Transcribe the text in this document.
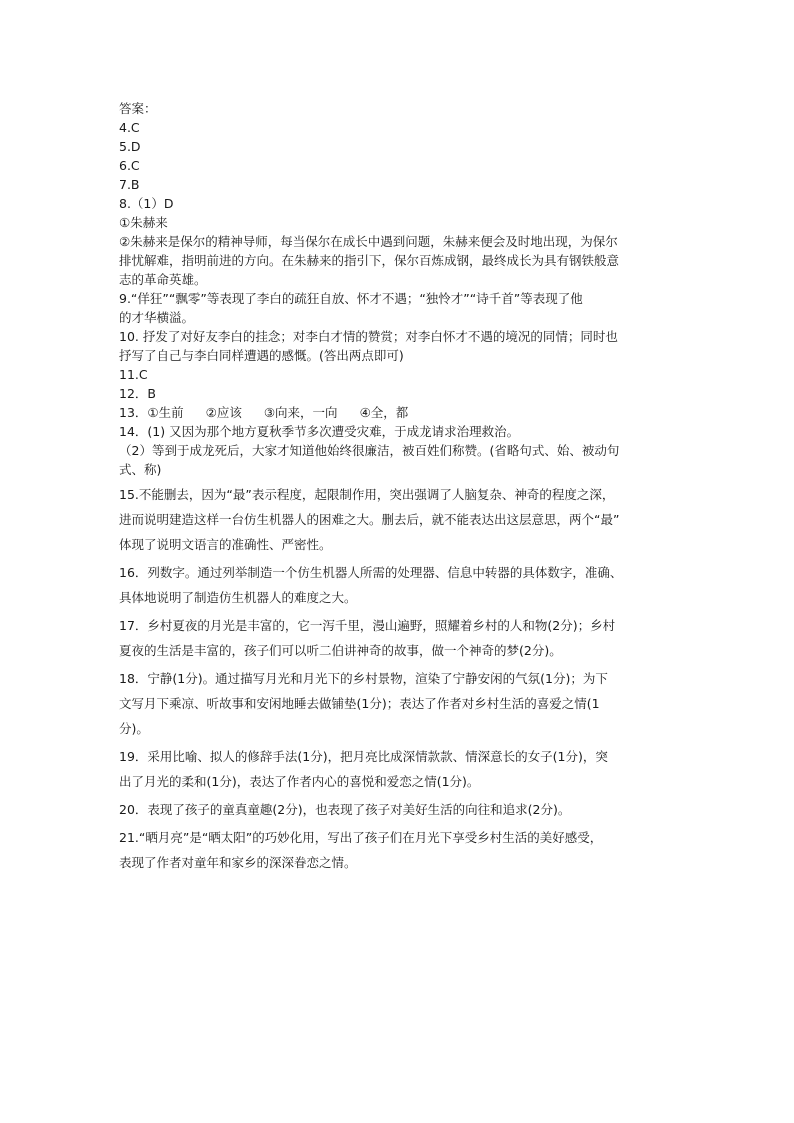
答案：

4.C

5.D

6.C

7.B

8.（1）D

①朱赫来

②朱赫来是保尔的精神导师，每当保尔在成长中遇到问题，朱赫来便会及时地出现，为保尔

排忧解难，指明前进的方向。在朱赫来的指引下，保尔百炼成钢，最终成长为具有钢铁般意

志的革命英雄。

9.“佯狂”“飘零”等表现了李白的疏狂自放、怀才不遇；“独怜才”“诗千首”等表现了他

的才华横溢。

10. 抒发了对好友李白的挂念；对李白才情的赞赏；对李白怀才不遇的境况的同情；同时也

抒写了自己与李白同样遭遇的感慨。(答出两点即可)

11.C

12．B

13．①生前 ②应该 ③向来，一向 ④全，都

14．(1) 又因为那个地方夏秋季节多次遭受灾难，于成龙请求治理救治。

（2）等到于成龙死后，大家才知道他始终很廉洁，被百姓们称赞。(省略句式、始、被动句

式、称)

15.不能删去，因为“最”表示程度，起限制作用，突出强调了人脑复杂、神奇的程度之深，

进而说明建造这样一台仿生机器人的困难之大。删去后，就不能表达出这层意思，两个“最”

体现了说明文语言的准确性、严密性。

16．列数字。通过列举制造一个仿生机器人所需的处理器、信息中转器的具体数字，准确、

具体地说明了制造仿生机器人的难度之大。

17．乡村夏夜的月光是丰富的，它一泻千里，漫山遍野，照耀着乡村的人和物(2分)；乡村

夏夜的生活是丰富的，孩子们可以听二伯讲神奇的故事，做一个神奇的梦(2分)。

18．宁静(1分)。通过描写月光和月光下的乡村景物，渲染了宁静安闲的气氛(1分)；为下

文写月下乘凉、听故事和安闲地睡去做铺垫(1分)；表达了作者对乡村生活的喜爱之情(1

分)。

19．采用比喻、拟人的修辞手法(1分)，把月亮比成深情款款、情深意长的女子(1分)，突

出了月光的柔和(1分)，表达了作者内心的喜悦和爱恋之情(1分)。

20．表现了孩子的童真童趣(2分)，也表现了孩子对美好生活的向往和追求(2分)。

21.“晒月亮”是“晒太阳”的巧妙化用，写出了孩子们在月光下享受乡村生活的美好感受，

表现了作者对童年和家乡的深深眷恋之情。
